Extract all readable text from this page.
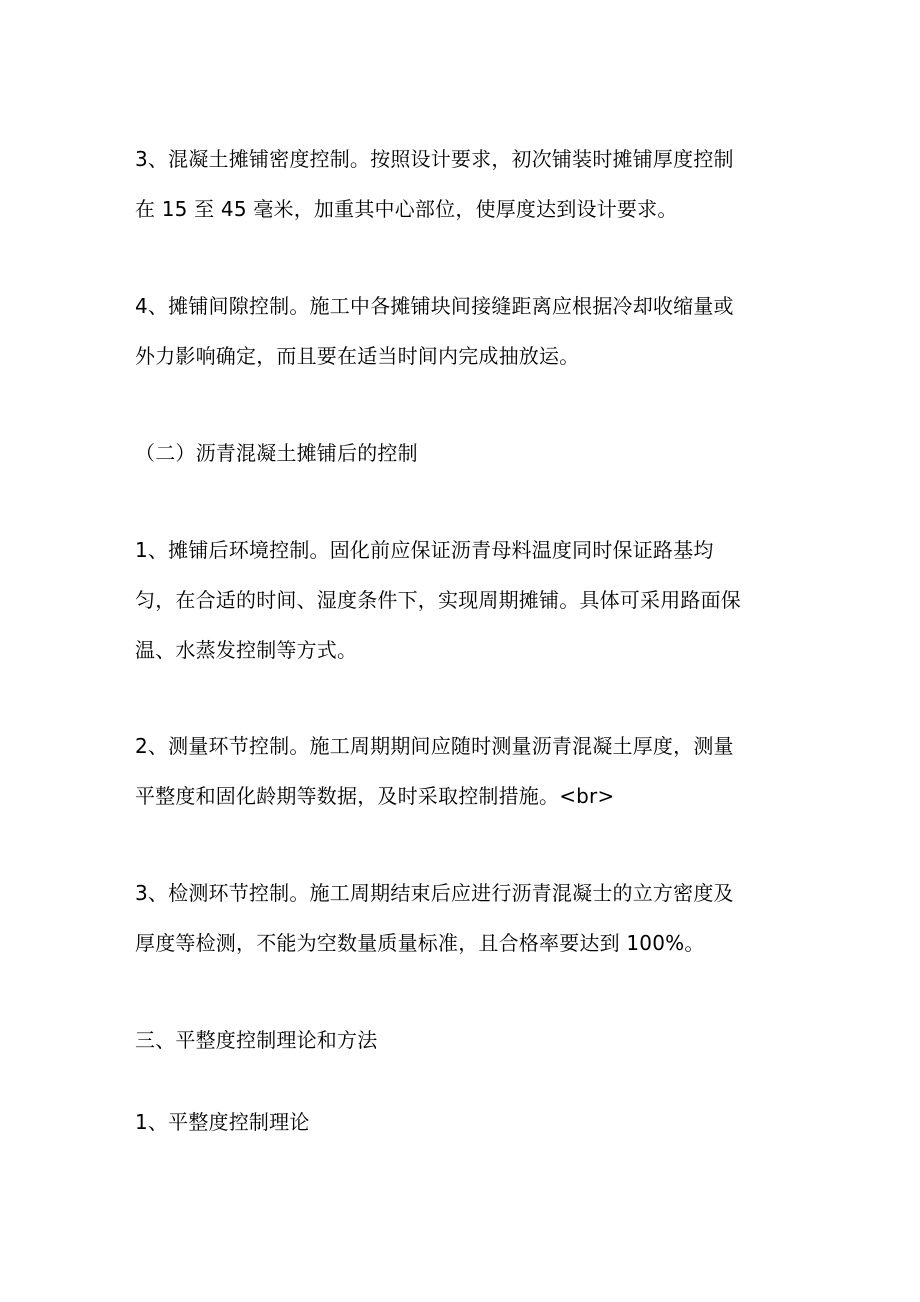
3、混凝土摊铺密度控制。按照设计要求，初次铺装时摊铺厚度控制
在 15 至 45 毫米，加重其中心部位，使厚度达到设计要求。

4、摊铺间隙控制。施工中各摊铺块间接缝距离应根据冷却收缩量或
外力影响确定，而且要在适当时间内完成抽放运。

（二）沥青混凝土摊铺后的控制

1、摊铺后环境控制。固化前应保证沥青母料温度同时保证路基均
匀，在合适的时间、湿度条件下，实现周期摊铺。具体可采用路面保
温、水蒸发控制等方式。

2、测量环节控制。施工周期期间应随时测量沥青混凝土厚度，测量
平整度和固化龄期等数据，及时采取控制措施。<br>

3、检测环节控制。施工周期结束后应进行沥青混凝士的立方密度及
厚度等检测，不能为空数量质量标准，且合格率要达到 100%。

三、平整度控制理论和方法

1、平整度控制理论
